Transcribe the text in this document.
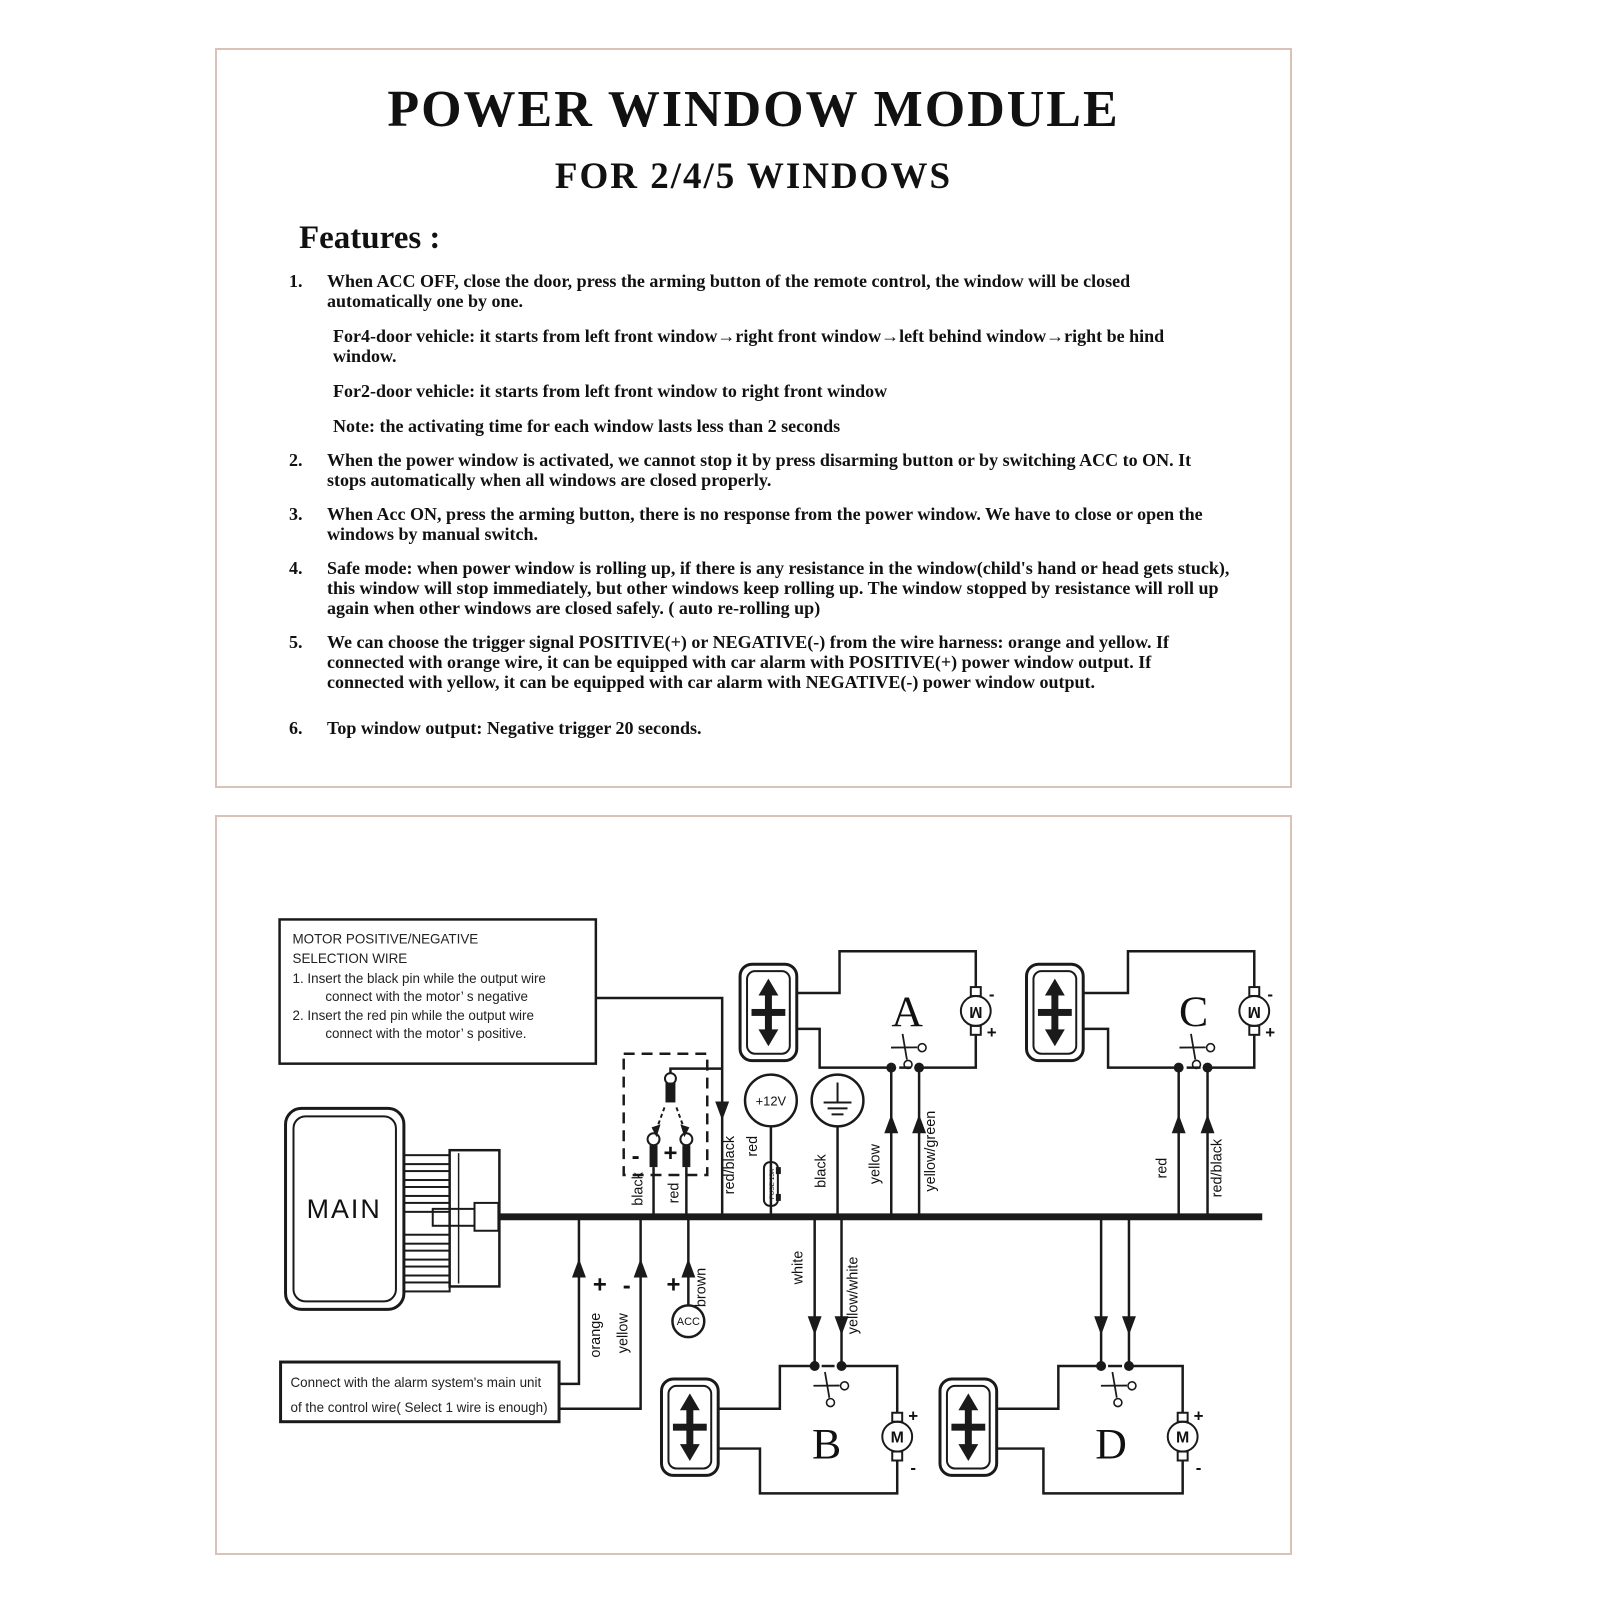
POWER WINDOW MODULE
FOR 2/4/5 WINDOWS
Features :
1.	When ACC OFF, close the door, press the arming button of the remote control, the window will be closed automatically one by one.

For4-door vehicle: it starts from left front window→right front window→left behind window→right be hind window.

For2-door vehicle: it starts from left front window to right front window

Note: the activating time for each window lasts less than 2 seconds

2.	When the power window is activated, we cannot stop it by press disarming button or by switching ACC to ON. It stops automatically when all windows are closed properly.

3.	When Acc ON, press the arming button, there is no response from the power window. We have to close or open the windows by manual switch.

4.	Safe mode: when power window is rolling up, if there is any resistance in the window(child's hand or head gets stuck), this window will stop immediately, but other windows keep rolling up. The window stopped by resistance will roll up again when other windows are closed safely. ( auto re-rolling up)

5.	We can choose the trigger signal POSITIVE(+) or NEGATIVE(-) from the wire harness: orange and yellow. If connected with orange wire, it can be equipped with car alarm with POSITIVE(+) power window output. If connected with yellow, it can be equipped with car alarm with NEGATIVE(-) power window output.

6.	Top window output: Negative trigger 20 seconds.

MOTOR POSITIVE/NEGATIVE
SELECTION WIRE
1. Insert the black pin while the output wire
connect with the motor’ s negative
2. Insert the red pin while the output wire
connect with the motor’ s positive.
- +
+12V
FUSE 15A
MAIN
A	M
-
+	C M
-
+
ACC
Connect with the alarm system's main unit
of the control wire( Select 1 wire is enough)
B	M
+
-	D	M
+
-
black red	red/black red
black	yellow	yellow/green	red	red/black
orange yellow
brown
white	yellow/white
+ - +
